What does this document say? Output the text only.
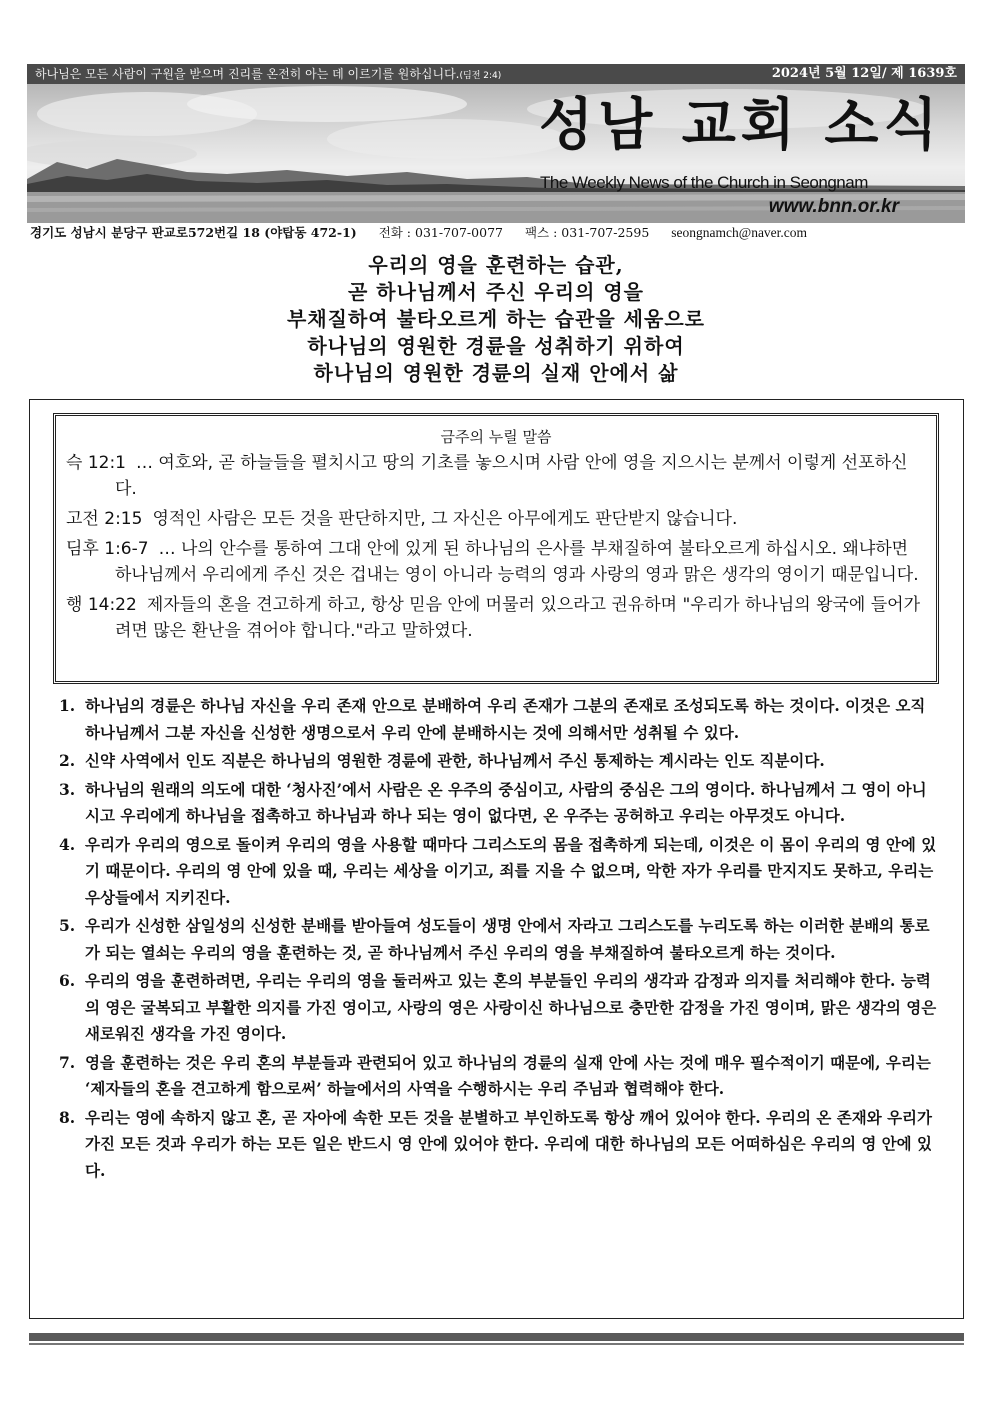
하나님은 모든 사람이 구원을 받으며 진리를 온전히 아는 데 이르기를 원하십니다.(딤전 2:4)	2024년 5월 12일/ 제 1639호
성남 교회 소식
The Weekly News of the Church in Seongnam
www.bnn.or.kr
경기도 성남시 분당구 판교로572번길 18 (야탑동 472-1) 전화 : 031-707-0077 팩스 : 031-707-2595 seongnamch@naver.com
우리의 영을 훈련하는 습관,
곧 하나님께서 주신 우리의 영을
부채질하여 불타오르게 하는 습관을 세움으로
하나님의 영원한 경륜을 성취하기 위하여
하나님의 영원한 경륜의 실재 안에서 삶
금주의 누릴 말씀
슥 12:1 … 여호와, 곧 하늘들을 펼치시고 땅의 기초를 놓으시며 사람 안에 영을 지으시는 분께서 이렇게 선포하신다.
고전 2:15 영적인 사람은 모든 것을 판단하지만, 그 자신은 아무에게도 판단받지 않습니다.
딤후 1:6-7 … 나의 안수를 통하여 그대 안에 있게 된 하나님의 은사를 부채질하여 불타오르게 하십시오. 왜냐하면 하나님께서 우리에게 주신 것은 겁내는 영이 아니라 능력의 영과 사랑의 영과 맑은 생각의 영이기 때문입니다.
행 14:22 제자들의 혼을 견고하게 하고, 항상 믿음 안에 머물러 있으라고 권유하며 "우리가 하나님의 왕국에 들어가려면 많은 환난을 겪어야 합니다."라고 말하였다.
1. 하나님의 경륜은 하나님 자신을 우리 존재 안으로 분배하여 우리 존재가 그분의 존재로 조성되도록 하는 것이다. 이것은 오직 하나님께서 그분 자신을 신성한 생명으로서 우리 안에 분배하시는 것에 의해서만 성취될 수 있다.
2. 신약 사역에서 인도 직분은 하나님의 영원한 경륜에 관한, 하나님께서 주신 통제하는 계시라는 인도 직분이다.
3. 하나님의 원래의 의도에 대한 ‘청사진’에서 사람은 온 우주의 중심이고, 사람의 중심은 그의 영이다. 하나님께서 그 영이 아니시고 우리에게 하나님을 접촉하고 하나님과 하나 되는 영이 없다면, 온 우주는 공허하고 우리는 아무것도 아니다.
4. 우리가 우리의 영으로 돌이켜 우리의 영을 사용할 때마다 그리스도의 몸을 접촉하게 되는데, 이것은 이 몸이 우리의 영 안에 있기 때문이다. 우리의 영 안에 있을 때, 우리는 세상을 이기고, 죄를 지을 수 없으며, 악한 자가 우리를 만지지도 못하고, 우리는 우상들에서 지키진다.
5. 우리가 신성한 삼일성의 신성한 분배를 받아들여 성도들이 생명 안에서 자라고 그리스도를 누리도록 하는 이러한 분배의 통로가 되는 열쇠는 우리의 영을 훈련하는 것, 곧 하나님께서 주신 우리의 영을 부채질하여 불타오르게 하는 것이다.
6. 우리의 영을 훈련하려면, 우리는 우리의 영을 둘러싸고 있는 혼의 부분들인 우리의 생각과 감정과 의지를 처리해야 한다. 능력의 영은 굴복되고 부활한 의지를 가진 영이고, 사랑의 영은 사랑이신 하나님으로 충만한 감정을 가진 영이며, 맑은 생각의 영은 새로워진 생각을 가진 영이다.
7. 영을 훈련하는 것은 우리 혼의 부분들과 관련되어 있고 하나님의 경륜의 실재 안에 사는 것에 매우 필수적이기 때문에, 우리는 ‘제자들의 혼을 견고하게 함으로써’ 하늘에서의 사역을 수행하시는 우리 주님과 협력해야 한다.
8. 우리는 영에 속하지 않고 혼, 곧 자아에 속한 모든 것을 분별하고 부인하도록 항상 깨어 있어야 한다. 우리의 온 존재와 우리가 가진 모든 것과 우리가 하는 모든 일은 반드시 영 안에 있어야 한다. 우리에 대한 하나님의 모든 어떠하심은 우리의 영 안에 있다.
